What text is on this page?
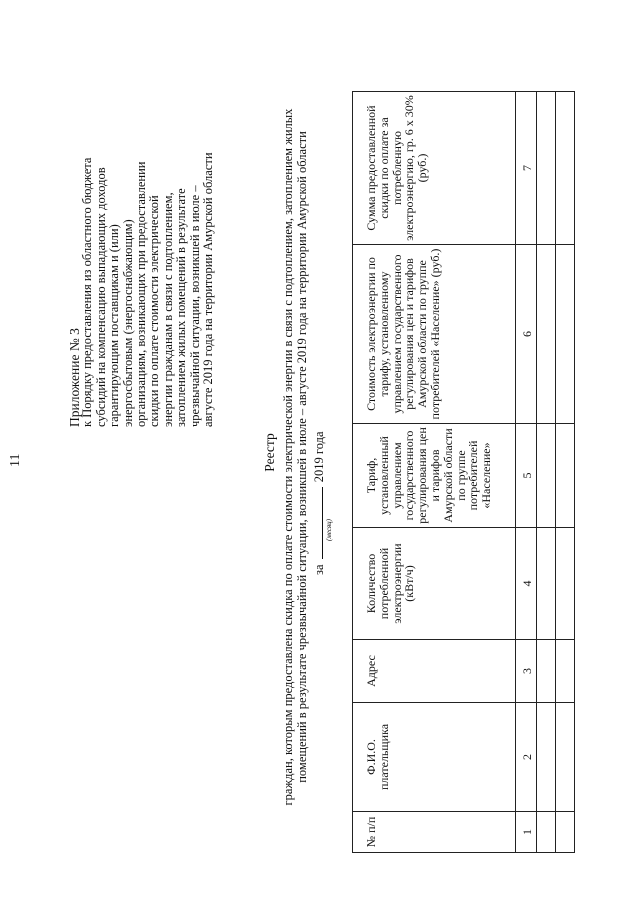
11
Приложение № 3
к Порядку предоставления из областного бюджета субсидий на компенсацию выпадающих доходов гарантирующим поставщикам и (или) энергосбытовым (энергоснабжающим) организациям, возникающих при предоставлении скидки по оплате стоимости электрической энергии гражданам в связи с подтоплением, затоплением жилых помещений в результате чрезвычайной ситуации, возникшей в июле – августе 2019 года на территории Амурской области
Реестр граждан, которым предоставлена скидка по оплате стоимости электрической энергии в связи с подтоплением, затоплением жилых помещений в результате чрезвычайной ситуации, возникшей в июле – августе 2019 года на территории Амурской области за  2019 года
(месяц)
№ п/п	Ф.И.О. плательщика	Адрес	Количество потребленной электроэнергии (кВт/ч)	Тариф, установленный управлением государственного регулирования цен и тарифов Амурской области по группе потребителей «Население»	Стоимость электроэнергии по тарифу, установленному управлением государственного регулирования цен и тарифов Амурской области по группе потребителей «Население» (руб.)	Сумма предоставленной скидки по оплате за потребленную электроэнергию, гр. 6 х 30% (руб.)
1	2	3	4	5	6	7
